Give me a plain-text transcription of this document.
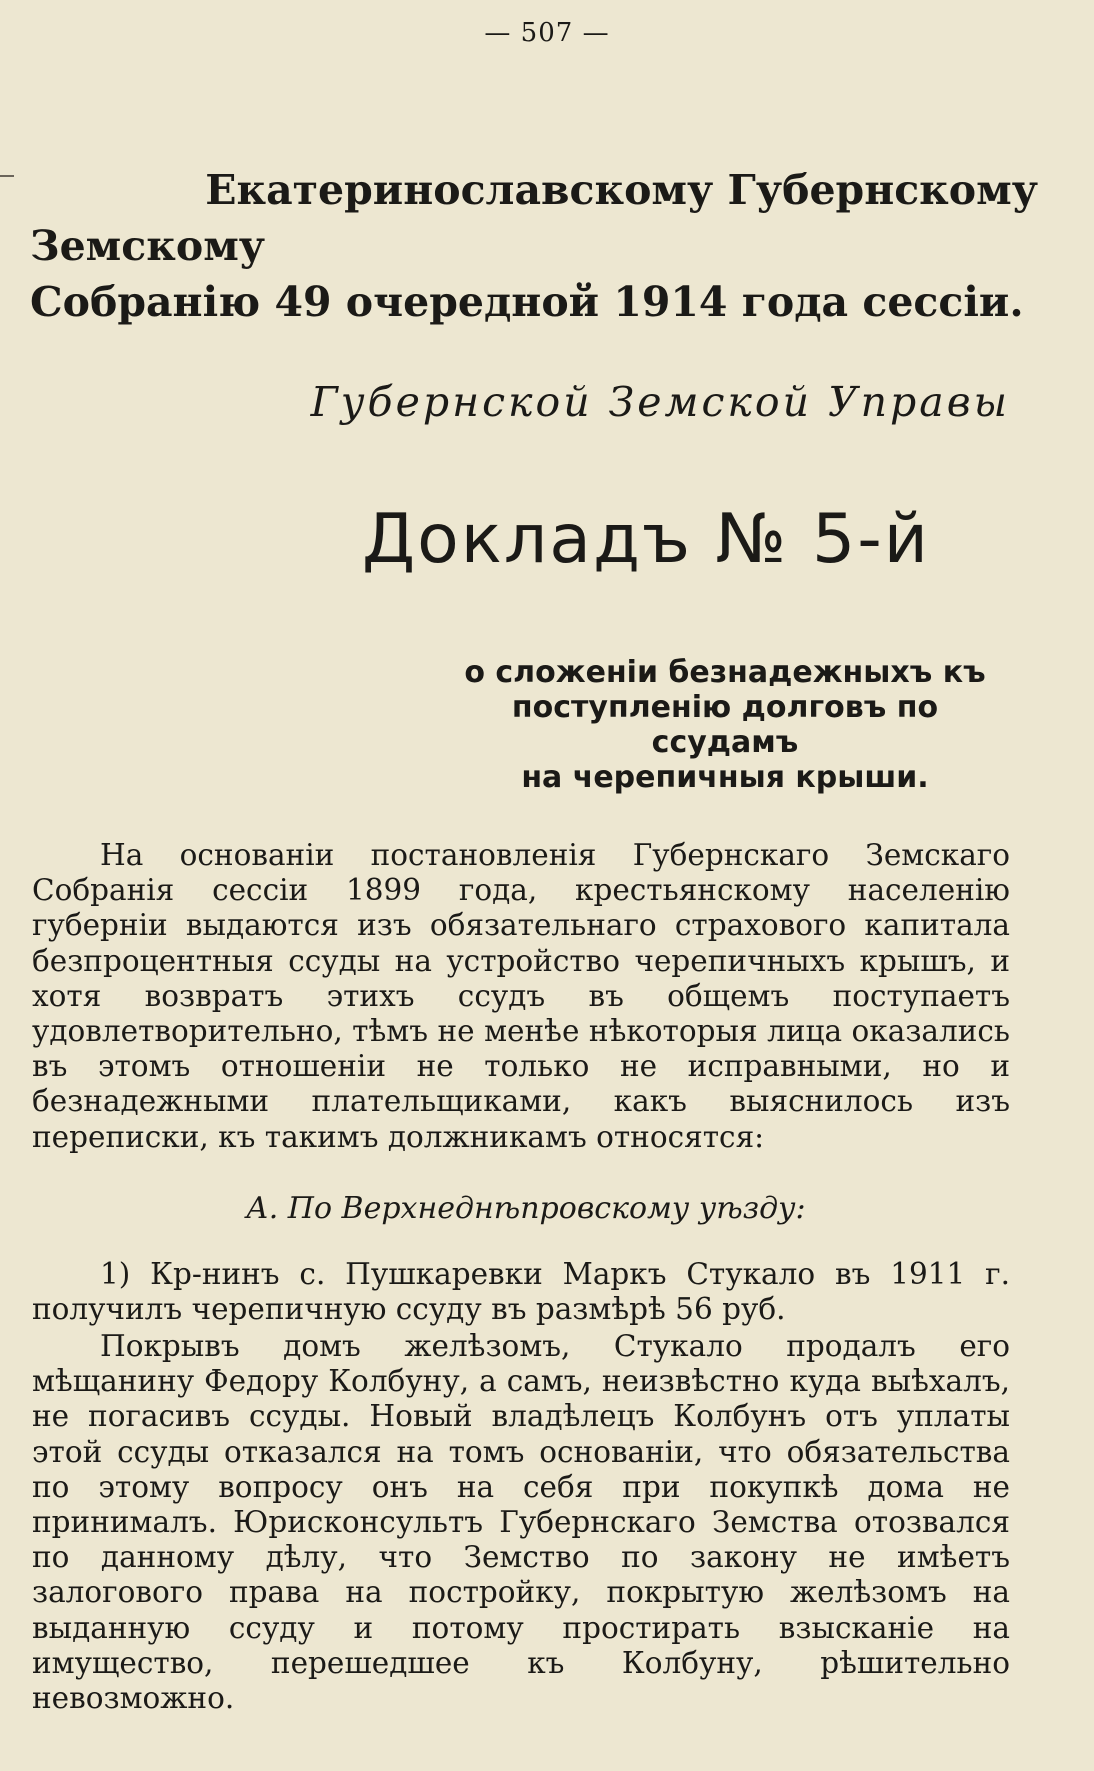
— 507 —
Екатеринославскому Губернскому Земскому
Собранію 49 очередной 1914 года сессіи.
Губернской Земской Управы
Докладъ № 5-й
о сложеніи безнадежныхъ къ
поступленію долговъ по ссудамъ
на черепичныя крыши.

На основаніи постановленія Губернскаго Земскаго Собранія сессіи 1899 года, крестьянскому населенію губерніи выдаются изъ обязательнаго страхового капитала безпроцентныя ссуды на устройство черепичныхъ крышъ, и хотя возвратъ этихъ ссудъ въ общемъ поступаетъ удовлетворительно, тѣмъ не менѣе нѣкоторыя лица оказались въ этомъ отношеніи не только не исправными, но и безнадежными плательщиками, какъ выяснилось изъ переписки, къ такимъ должникамъ относятся:

А. По Верхнеднѣпровскому уѣзду:

1) Кр-нинъ с. Пушкаревки Маркъ Стукало въ 1911 г. получилъ черепичную ссуду въ размѣрѣ 56 руб.

Покрывъ домъ желѣзомъ, Стукало продалъ его мѣщанину Федору Колбуну, а самъ, неизвѣстно куда выѣхалъ, не погасивъ ссуды. Новый владѣлецъ Колбунъ отъ уплаты этой ссуды отказался на томъ основаніи, что обязательства по этому вопросу онъ на себя при покупкѣ дома не принималъ. Юрисконсультъ Губернскаго Земства отозвался по данному дѣлу, что Земство по закону не имѣетъ залогового права на постройку, покрытую желѣзомъ на выданную ссуду и потому простирать взысканіе на имущество, перешедшее къ Колбуну, рѣшительно невозможно.
